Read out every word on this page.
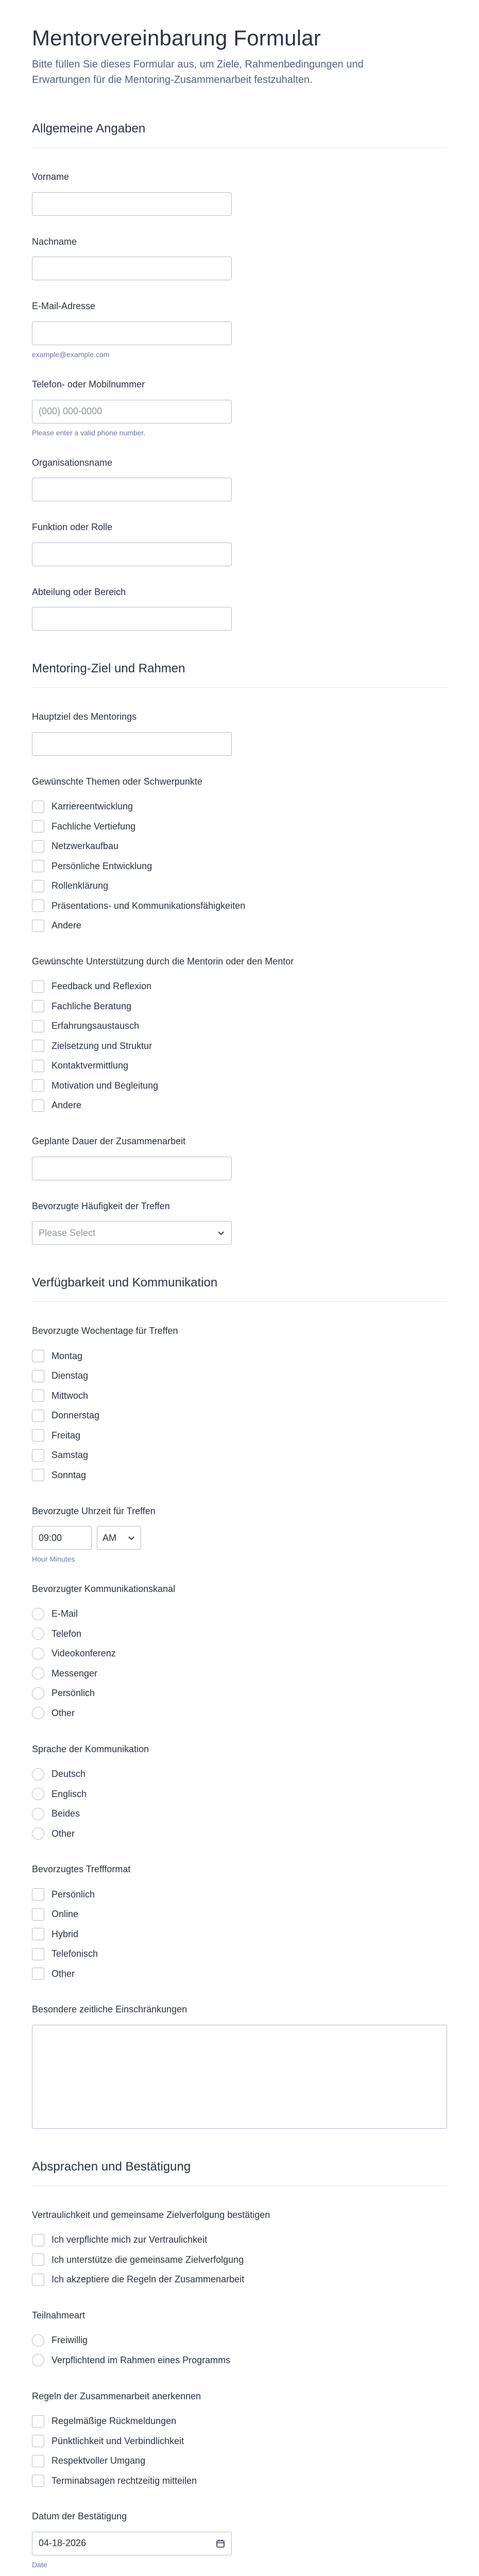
Mentorvereinbarung Formular

Bitte füllen Sie dieses Formular aus, um Ziele, Rahmenbedingungen und Erwartungen für die Mentoring-Zusammenarbeit festzuhalten.

Allgemeine Angaben
Vorname
Nachname
E-Mail-Adresse
example@example.com
Telefon- oder Mobilnummer
(000) 000-0000
Please enter a valid phone number.
Organisationsname
Funktion oder Rolle
Abteilung oder Bereich
Mentoring-Ziel und Rahmen
Hauptziel des Mentorings
Gewünschte Themen oder Schwerpunkte
Karriereentwicklung
Fachliche Vertiefung
Netzwerkaufbau
Persönliche Entwicklung
Rollenklärung
Präsentations- und Kommunikationsfähigkeiten
Andere
Gewünschte Unterstützung durch die Mentorin oder den Mentor
Feedback und Reflexion
Fachliche Beratung
Erfahrungsaustausch
Zielsetzung und Struktur
Kontaktvermittlung
Motivation und Begleitung
Andere
Geplante Dauer der Zusammenarbeit
Bevorzugte Häufigkeit der Treffen
Please Select
Verfügbarkeit und Kommunikation
Bevorzugte Wochentage für Treffen
Montag
Dienstag
Mittwoch
Donnerstag
Freitag
Samstag
Sonntag
Bevorzugte Uhrzeit für Treffen
09:00	AM
Hour Minutes
Bevorzugter Kommunikationskanal
E-Mail
Telefon
Videokonferenz
Messenger
Persönlich
Other
Sprache der Kommunikation
Deutsch
Englisch
Beides
Other
Bevorzugtes Treffformat
Persönlich
Online
Hybrid
Telefonisch
Other
Besondere zeitliche Einschränkungen
Absprachen und Bestätigung
Vertraulichkeit und gemeinsame Zielverfolgung bestätigen
Ich verpflichte mich zur Vertraulichkeit
Ich unterstütze die gemeinsame Zielverfolgung
Ich akzeptiere die Regeln der Zusammenarbeit
Teilnahmeart
Freiwillig
Verpflichtend im Rahmen eines Programms
Regeln der Zusammenarbeit anerkennen
Regelmäßige Rückmeldungen
Pünktlichkeit und Verbindlichkeit
Respektvoller Umgang
Terminabsagen rechtzeitig mitteilen
Datum der Bestätigung
04-18-2026
Date
